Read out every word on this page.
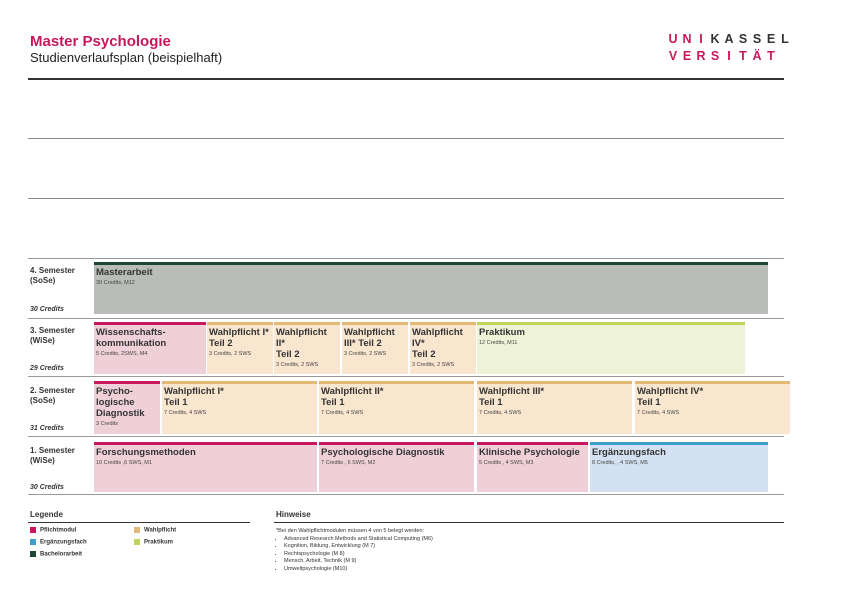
Master Psychologie
Studienverlaufsplan (beispielhaft)
U N I K A S S E L
V E R S I T Ä T
4. Semester
(SoSe)
30 Credits
Masterarbeit
30 Credits, M12
3. Semester
(WiSe)
29 Credits
Wissenschafts-
kommunikation
5 Credits, 2SWS, M4
Wahlpflicht I*
Teil 2
3 Credits, 2 SWS
Wahlpflicht
II*
Teil 2
3 Credits, 2 SWS
Wahlpflicht
III* Teil 2
3 Credits, 2 SWS
Wahlpflicht
IV*
Teil 2
3 Credits, 2 SWS
Praktikum
12 Credits, M11
2. Semester
(SoSe)
31 Credits
Psycho-
logische
Diagnostik
3 Credits
Wahlpflicht I*
Teil 1
7 Credits, 4 SWS
Wahlpflicht II*
Teil 1
7 Credits, 4 SWS
Wahlpflicht III*
Teil 1
7 Credits, 4 SWS
Wahlpflicht IV*
Teil 1
7 Credits, 4 SWS
1. Semester
(WiSe)
30 Credits
Forschungsmethoden
10 Credits ,6 SWS, M1
Psychologische Diagnostik
7 Credits , 6 SWS, M2
Klinische Psychologie
5 Credits , 4 SWS, M3
Ergänzungsfach
8 Credits, , 4 SWS, M5
Legende
Pflichtmodul	Wahlpflicht
Ergänzungsfach	Praktikum
Bachelorarbeit
Hinweise
*Bei den Wahlpflichtmodulen müssen 4 von 5 belegt werden:
• Advanced Research Methods and Statistical Computing (M6)
• Kognition, Bildung, Entwicklung (M 7)
• Rechtspsychologie (M 8)
• Mensch, Arbeit, Technik (M 9)
• Umweltpsychologie (M10)
